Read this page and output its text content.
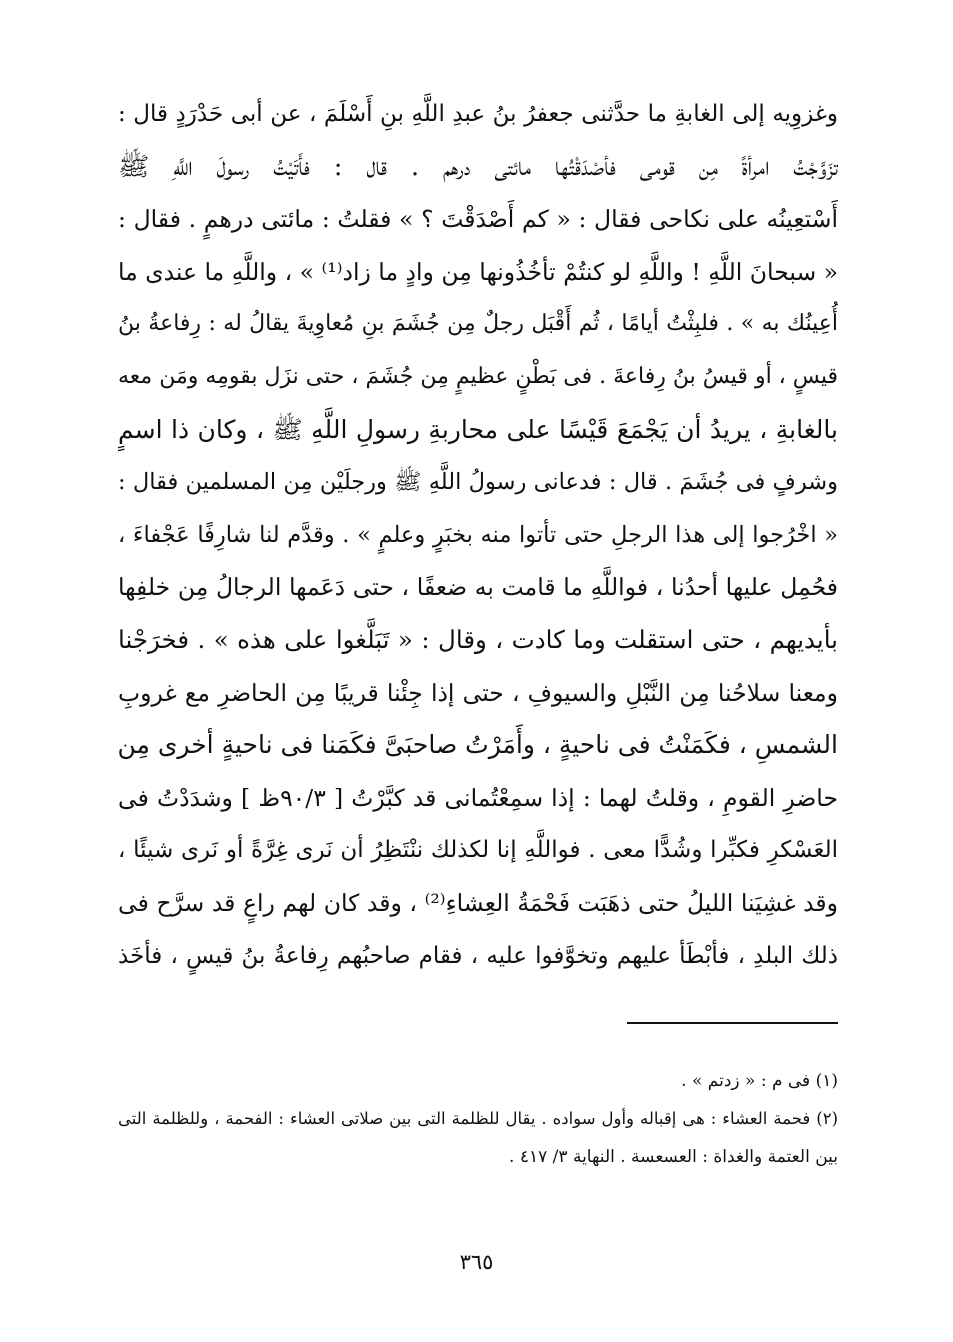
وغزوِيه إلى الغابةِ ما حدَّثنى جعفرُ بنُ عبدِ اللَّهِ بنِ أَسْلَمَ ، عن أبى حَدْرَدٍ قال :
تزَوَّجْتُ امرأةً مِن قومى فأصْدَقْتُها مائتى درهم . قال : فأَتَيْتُ رسولَ اللَّهِ ﷺ
أَسْتعِينُه على نكاحى فقال : « كم أَصْدَقْتَ ؟ » فقلتُ : مائتى درهمٍ . فقال :
« سبحانَ اللَّهِ ! واللَّهِ لو كنتُمْ تأخُذُونها مِن وادٍ ما زاد⁽¹⁾ » ، واللَّهِ ما عندى ما
أُعِينُك به » . فلبِثْتُ أيامًا ، ثُم أَقْبَل رجلٌ مِن جُشَمَ بنِ مُعاوِيةَ يقالُ له : رِفاعةُ بنُ
قيسٍ ، أو قيسُ بنُ رِفاعةَ . فى بَطْنٍ عظيمٍ مِن جُشَمَ ، حتى نزَل بقومِه ومَن معه
بالغابةِ ، يريدُ أن يَجْمَعَ قَيْسًا على محاربةِ رسولِ اللَّهِ ﷺ ، وكان ذا اسمٍ
وشرفٍ فى جُشَمَ . قال : فدعانى رسولُ اللَّهِ ﷺ ورجلَيْن مِن المسلمين فقال :
« اخْرُجوا إلى هذا الرجلِ حتى تأتوا منه بخبَرٍ وعلمٍ » . وقدَّم لنا شارِفًا عَجْفاءَ ،
فحُمِل عليها أحدُنا ، فواللَّهِ ما قامت به ضعفًا ، حتى دَعَمها الرجالُ مِن خلفِها
بأيديهم ، حتى استقلت وما كادت ، وقال : « تَبَلَّغوا على هذه » . فخرَجْنا
ومعنا سلاحُنا مِن النَّبْلِ والسيوفِ ، حتى إذا جِئْنا قريبًا مِن الحاضرِ مع غروبِ
الشمسِ ، فكَمَنْتُ فى ناحيةٍ ، وأَمَرْتُ صاحبَىَّ فكَمَنا فى ناحيةٍ أخرى مِن
حاضرِ القومِ ، وقلتُ لهما : إذا سمِعْتُمانى قد كبَّرْتُ [ ٩٠/٣ظ ] وشدَدْتُ فى
العَسْكرِ فكبِّرا وشُدًّا معى . فواللَّهِ إنا لكذلك ننْتَظِرُ أن نَرى غِرَّةً أو نَرى شيئًا ،
وقد غشِيَنا الليلُ حتى ذهَبَت فَحْمَةُ العِشاءِ⁽²⁾ ، وقد كان لهم راعٍ قد سرَّح فى
ذلك البلدِ ، فأبْطَأ عليهم وتخوَّفوا عليه ، فقام صاحبُهم رِفاعةُ بنُ قيسٍ ، فأخَذ
(١) فى م : « زدتم » .
(٢) فحمة العشاء : هى إقباله وأول سواده . يقال للظلمة التى بين صلاتى العشاء : الفحمة ، وللظلمة التى
بين العتمة والغداة : العسعسة . النهاية ٣/ ٤١٧ .
٣٦٥
